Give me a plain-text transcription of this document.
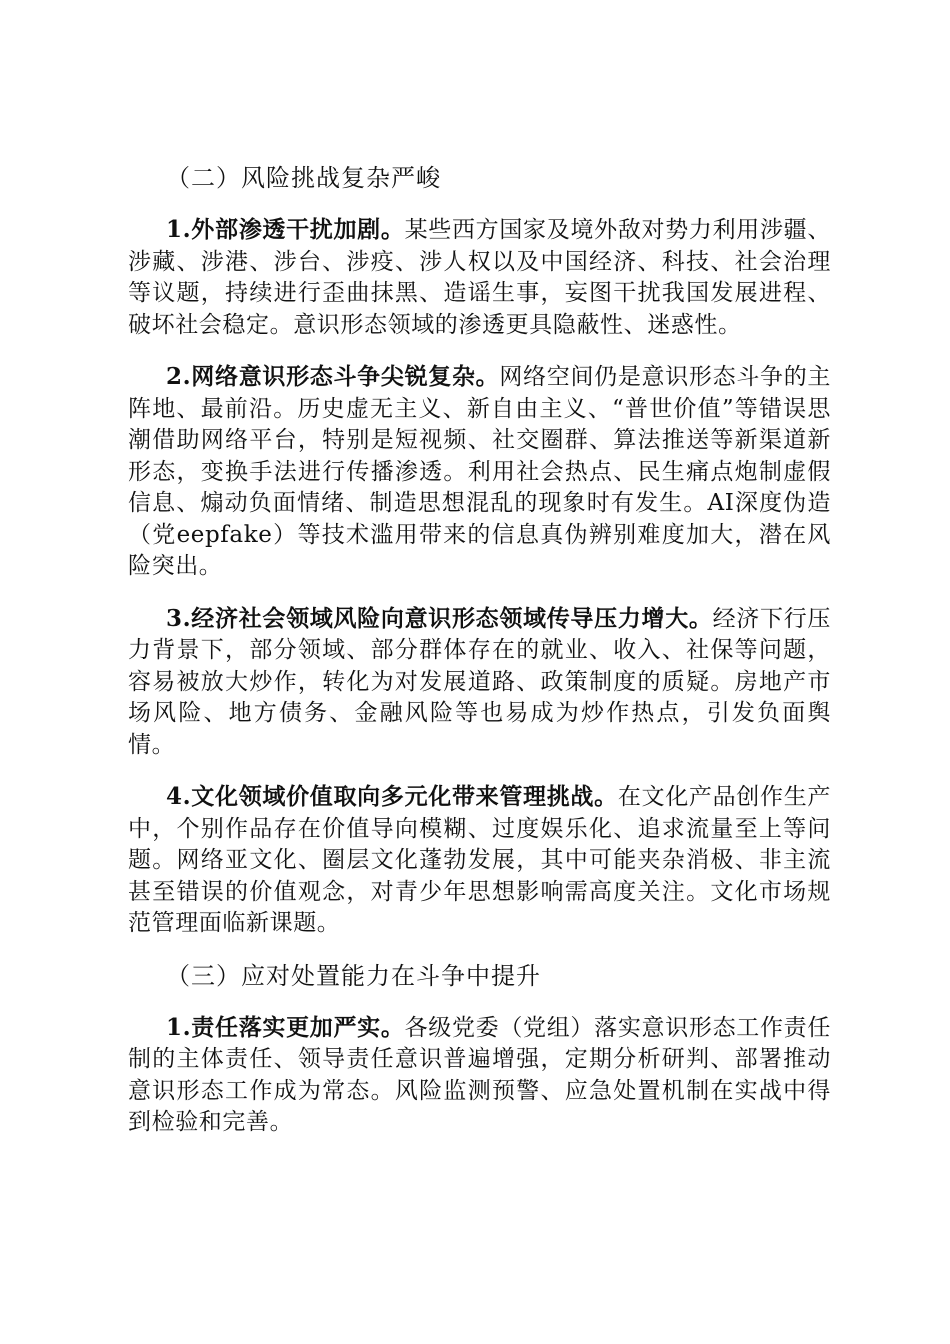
（二）风险挑战复杂严峻

1.外部渗透干扰加剧。某些西方国家及境外敌对势力利用涉疆、涉藏、涉港、涉台、涉疫、涉人权以及中国经济、科技、社会治理等议题，持续进行歪曲抹黑、造谣生事，妄图干扰我国发展进程、破坏社会稳定。意识形态领域的渗透更具隐蔽性、迷惑性。

2.网络意识形态斗争尖锐复杂。网络空间仍是意识形态斗争的主阵地、最前沿。历史虚无主义、新自由主义、“普世价值”等错误思潮借助网络平台，特别是短视频、社交圈群、算法推送等新渠道新形态，变换手法进行传播渗透。利用社会热点、民生痛点炮制虚假信息、煽动负面情绪、制造思想混乱的现象时有发生。AI深度伪造（党eepfake）等技术滥用带来的信息真伪辨别难度加大，潜在风险突出。

3.经济社会领域风险向意识形态领域传导压力增大。经济下行压力背景下，部分领域、部分群体存在的就业、收入、社保等问题，容易被放大炒作，转化为对发展道路、政策制度的质疑。房地产市场风险、地方债务、金融风险等也易成为炒作热点，引发负面舆情。

4.文化领域价值取向多元化带来管理挑战。在文化产品创作生产中，个别作品存在价值导向模糊、过度娱乐化、追求流量至上等问题。网络亚文化、圈层文化蓬勃发展，其中可能夹杂消极、非主流甚至错误的价值观念，对青少年思想影响需高度关注。文化市场规范管理面临新课题。

（三）应对处置能力在斗争中提升

1.责任落实更加严实。各级党委（党组）落实意识形态工作责任制的主体责任、领导责任意识普遍增强，定期分析研判、部署推动意识形态工作成为常态。风险监测预警、应急处置机制在实战中得到检验和完善。
